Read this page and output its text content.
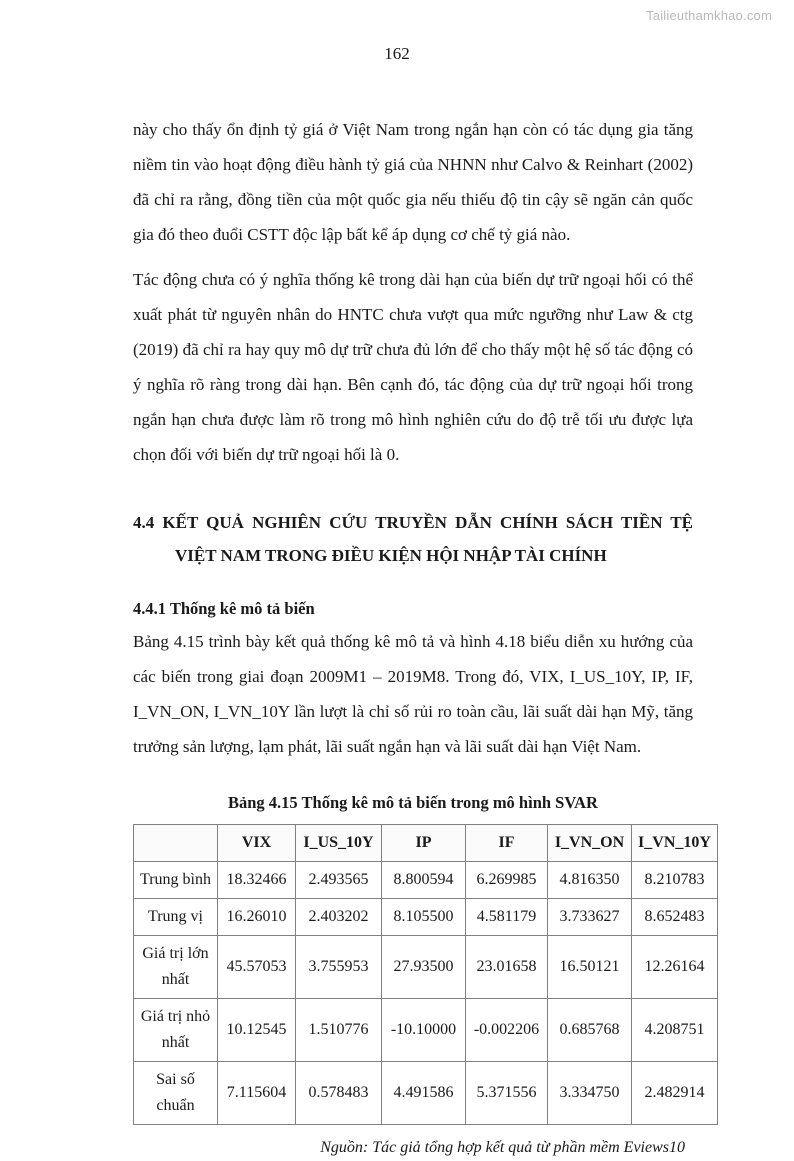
Tailieuthamkhao.com
162

này cho thấy ổn định tỷ giá ở Việt Nam trong ngắn hạn còn có tác dụng gia tăng niềm tin vào hoạt động điều hành tỷ giá của NHNN như Calvo & Reinhart (2002) đã chỉ ra rằng, đồng tiền của một quốc gia nếu thiếu độ tin cậy sẽ ngăn cản quốc gia đó theo đuổi CSTT độc lập bất kể áp dụng cơ chế tỷ giá nào.

Tác động chưa có ý nghĩa thống kê trong dài hạn của biến dự trữ ngoại hối có thể xuất phát từ nguyên nhân do HNTC chưa vượt qua mức ngưỡng như Law & ctg (2019) đã chỉ ra hay quy mô dự trữ chưa đủ lớn để cho thấy một hệ số tác động có ý nghĩa rõ ràng trong dài hạn. Bên cạnh đó, tác động của dự trữ ngoại hối trong ngắn hạn chưa được làm rõ trong mô hình nghiên cứu do độ trễ tối ưu được lựa chọn đối với biến dự trữ ngoại hối là 0.

4.4 KẾT QUẢ NGHIÊN CỨU TRUYỀN DẪN CHÍNH SÁCH TIỀN TỆ
VIỆT NAM TRONG ĐIỀU KIỆN HỘI NHẬP TÀI CHÍNH
4.4.1 Thống kê mô tả biến

Bảng 4.15 trình bày kết quả thống kê mô tả và hình 4.18 biểu diễn xu hướng của các biến trong giai đoạn 2009M1 – 2019M8. Trong đó, VIX, I_US_10Y, IP, IF, I_VN_ON, I_VN_10Y lần lượt là chỉ số rủi ro toàn cầu, lãi suất dài hạn Mỹ, tăng trưởng sản lượng, lạm phát, lãi suất ngắn hạn và lãi suất dài hạn Việt Nam.

Bảng 4.15 Thống kê mô tả biến trong mô hình SVAR
	VIX	I_US_10Y	IP	IF	I_VN_ON	I_VN_10Y
Trung bình	18.32466	2.493565	8.800594	6.269985	4.816350	8.210783
Trung vị	16.26010	2.403202	8.105500	4.581179	3.733627	8.652483
Giá trị lớn nhất	45.57053	3.755953	27.93500	23.01658	16.50121	12.26164
Giá trị nhỏ nhất	10.12545	1.510776	-10.10000	-0.002206	0.685768	4.208751
Sai số chuẩn	7.115604	0.578483	4.491586	5.371556	3.334750	2.482914
Nguồn: Tác giả tổng hợp kết quả từ phần mềm Eviews10
